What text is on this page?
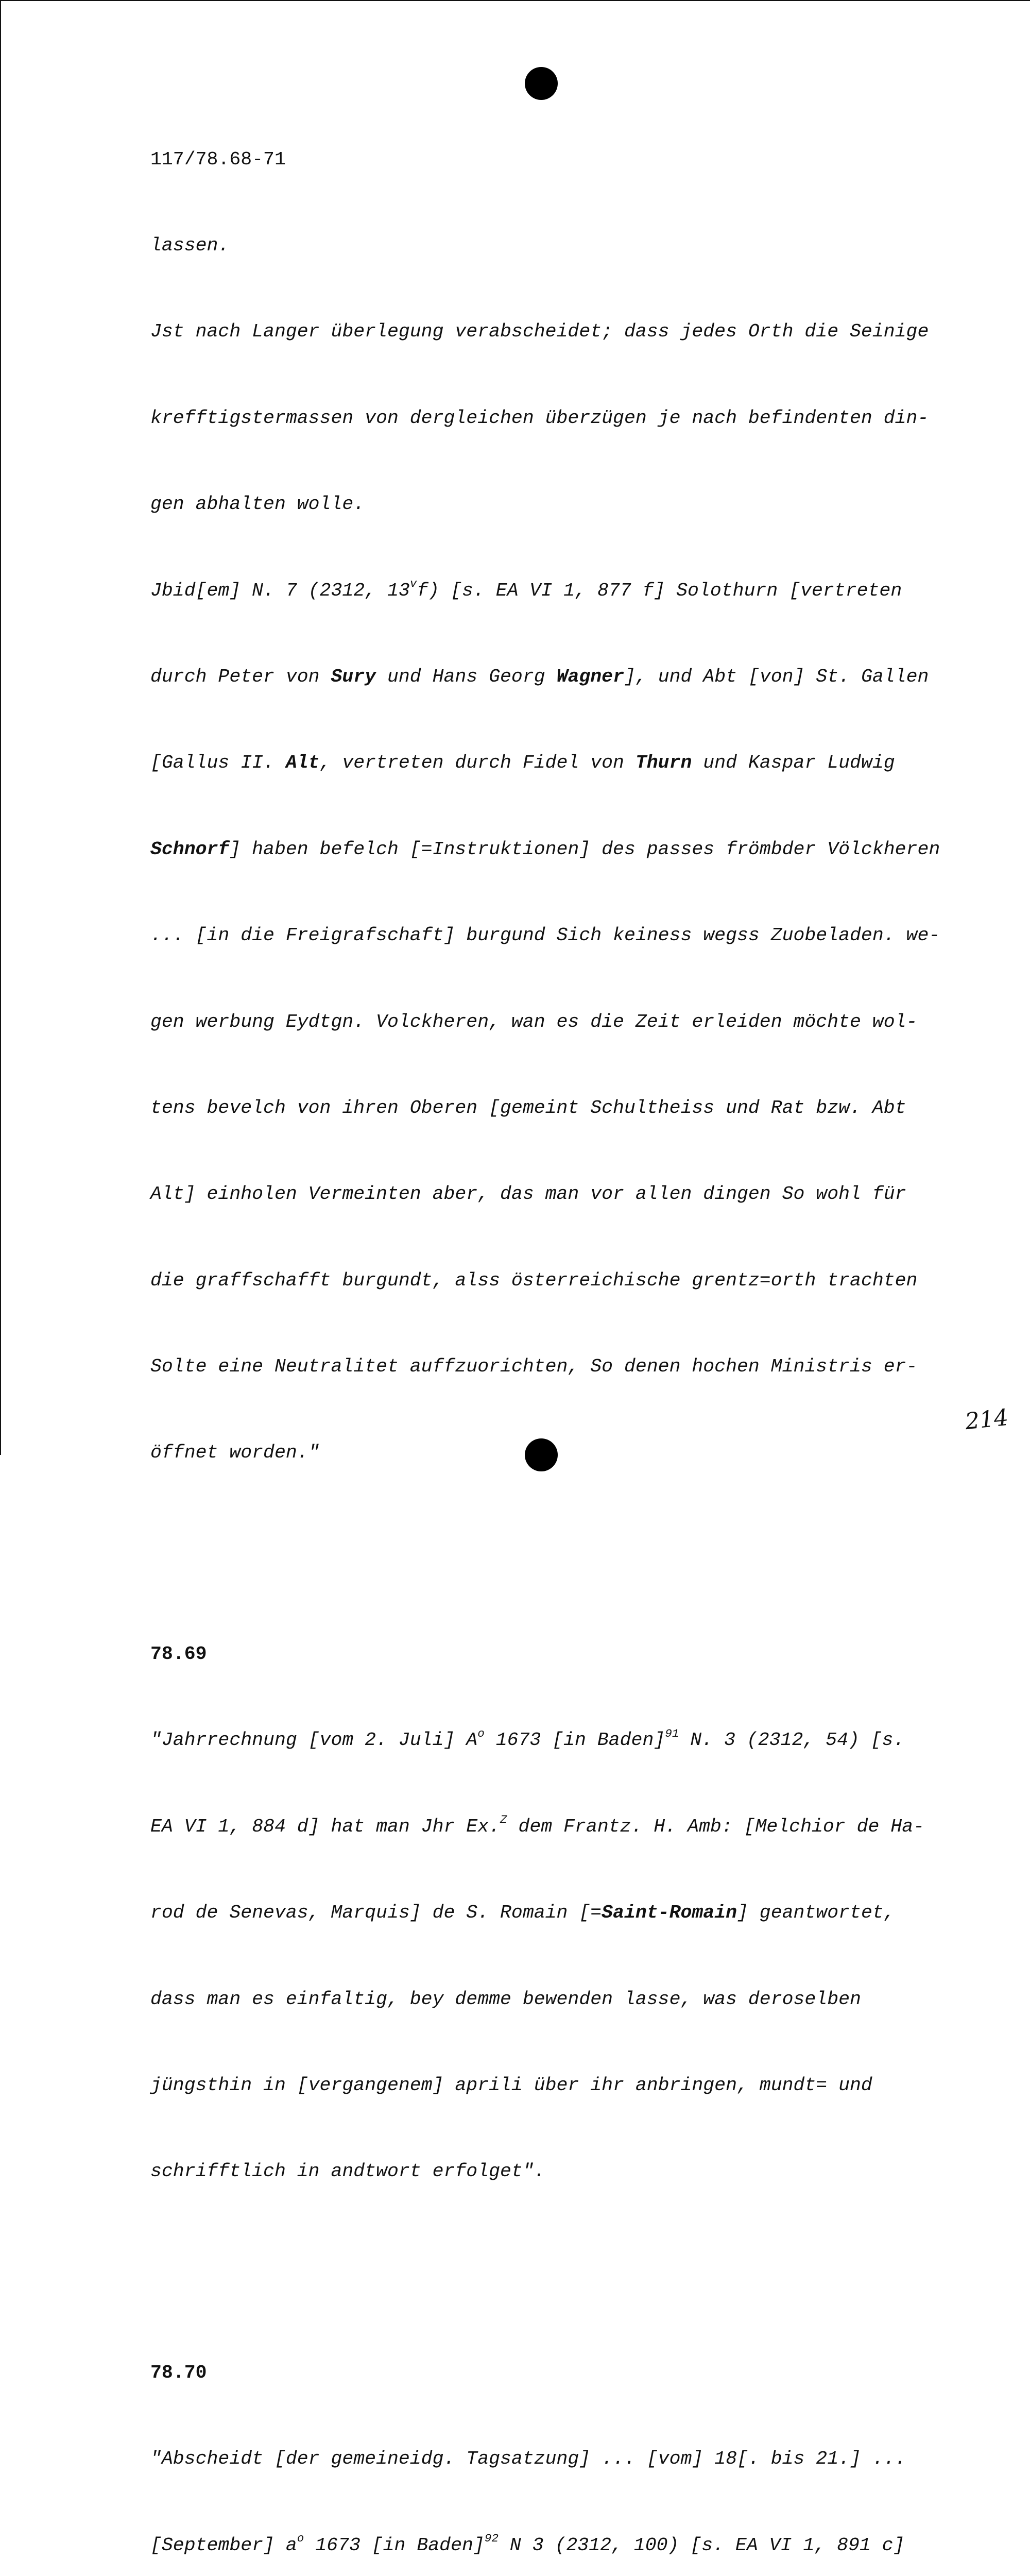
117/78.68-71

lassen.

Jst nach Langer überlegung verabscheidet; dass jedes Orth die Seinige

krefftigstermassen von dergleichen überzügen je nach befindenten din-

gen abhalten wolle.

Jbid[em] N. 7 (2312, 13$^v$f) [s. EA VI 1, 877 f] Solothurn [vertreten

durch Peter von Sury und Hans Georg Wagner], und Abt [von] St. Gallen

[Gallus II. Alt, vertreten durch Fidel von Thurn und Kaspar Ludwig

Schnorf] haben befelch [=Instruktionen] des passes frömbder Völckheren

... [in die Freigrafschaft] burgund Sich keiness wegss Zuobeladen. we-

gen werbung Eydtgn. Volckheren, wan es die Zeit erleiden möchte wol-

tens bevelch von ihren Oberen [gemeint Schultheiss und Rat bzw. Abt

Alt] einholen Vermeinten aber, das man vor allen dingen So wohl für

die graffschafft burgundt, alss österreichische grentz=orth trachten

Solte eine Neutralitet auffzuorichten, So denen hochen Ministris er-

öffnet worden."

78.69

"Jahrrechnung [vom 2. Juli] $A^o$ 1673 [in Baden]$^{91}$ N. 3 (2312, 54) [s.

EA VI 1, 884 d] hat man Jhr Ex.$^Z$ dem Frantz. H. Amb: [Melchior de Ha-

rod de Senevas, Marquis] de S. Romain [=Saint-Romain] geantwortet,

dass man es einfaltig, bey demme bewenden lasse, was deroselben

jüngsthin in [vergangenem] aprili über ihr anbringen, mundt= und

schrifftlich in andtwort erfolget".

78.70

"Abscheidt [der gemeineidg. Tagsatzung] ... [vom] 18[. bis 21.] ...

[September] $a^o$ 1673 [in Baden]$^{92}$ N 3 (2312, 100) [s. EA VI 1, 891 c]

214
